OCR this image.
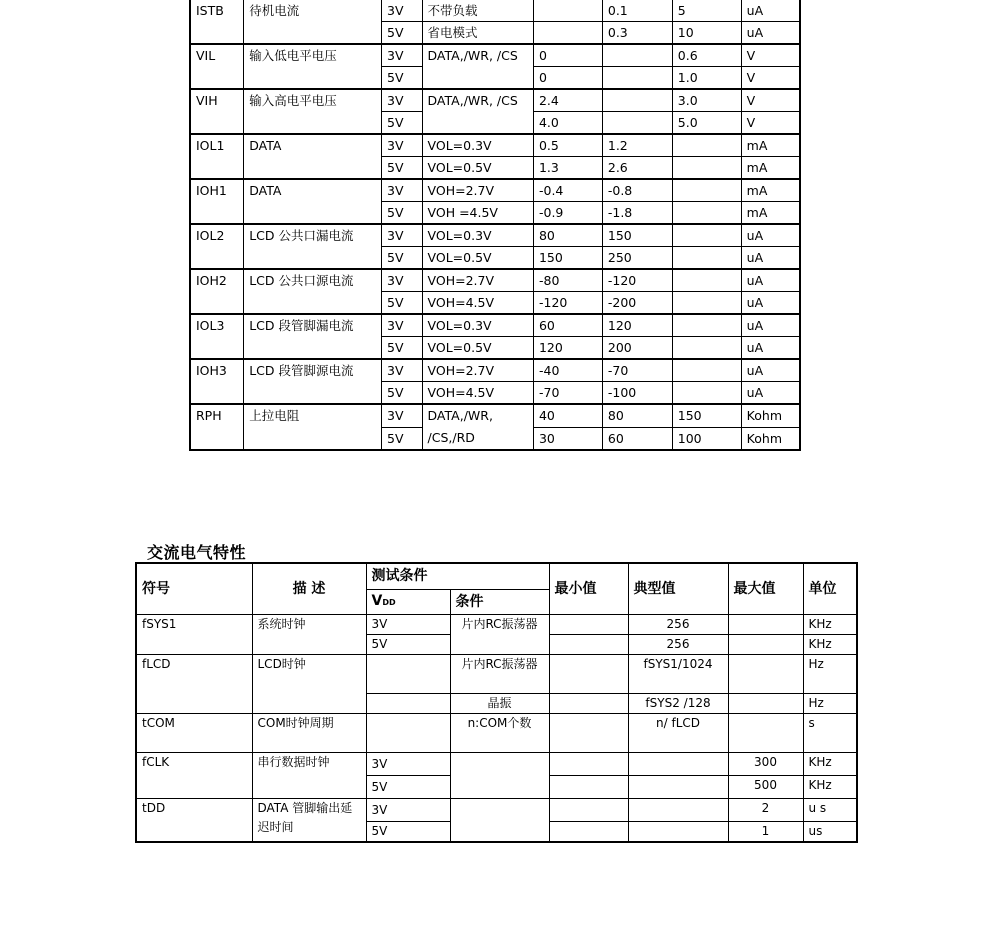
ISTB	待机电流	3V	不带负载		0.1	5	uA
		5V	省电模式		0.3	10	uA
VIL	输入低电平电压	3V	DATA,/WR, /CS	0		0.6	V
		5V		0		1.0	V
VIH	输入高电平电压	3V	DATA,/WR, /CS	2.4		3.0	V
		5V		4.0		5.0	V
IOL1	DATA	3V	VOL=0.3V	0.5	1.2		mA
		5V	VOL=0.5V	1.3	2.6		mA
IOH1	DATA	3V	VOH=2.7V	-0.4	-0.8		mA
		5V	VOH =4.5V	-0.9	-1.8		mA
IOL2	LCD 公共口漏电流	3V	VOL=0.3V	80	150		uA
		5V	VOL=0.5V	150	250		uA
IOH2	LCD 公共口源电流	3V	VOH=2.7V	-80	-120		uA
		5V	VOH=4.5V	-120	-200		uA
IOL3	LCD 段管脚漏电流	3V	VOL=0.3V	60	120		uA
		5V	VOL=0.5V	120	200		uA
IOH3	LCD 段管脚源电流	3V	VOH=2.7V	-40	-70		uA
		5V	VOH=4.5V	-70	-100		uA
RPH	上拉电阻	3V	DATA,/WR, /CS,/RD	40	80	150	Kohm
		5V		30	60	100	Kohm
交流电气特性
符号	描 述	测试条件		最小值	典型值	最大值	单位
		VDD	条件				
fSYS1	系统时钟	3V	片内RC振荡器		256		KHz
		5V			256		KHz
fLCD	LCD时钟		片内RC振荡器		fSYS1/1024		Hz
			晶振		fSYS2 /128		Hz
tCOM	COM时钟周期		n:COM个数		n/ fLCD		s
fCLK	串行数据时钟	3V				300	KHz
		5V				500	KHz
tDD	DATA 管脚输出延迟时间	3V				2	u s
		5V				1	us
